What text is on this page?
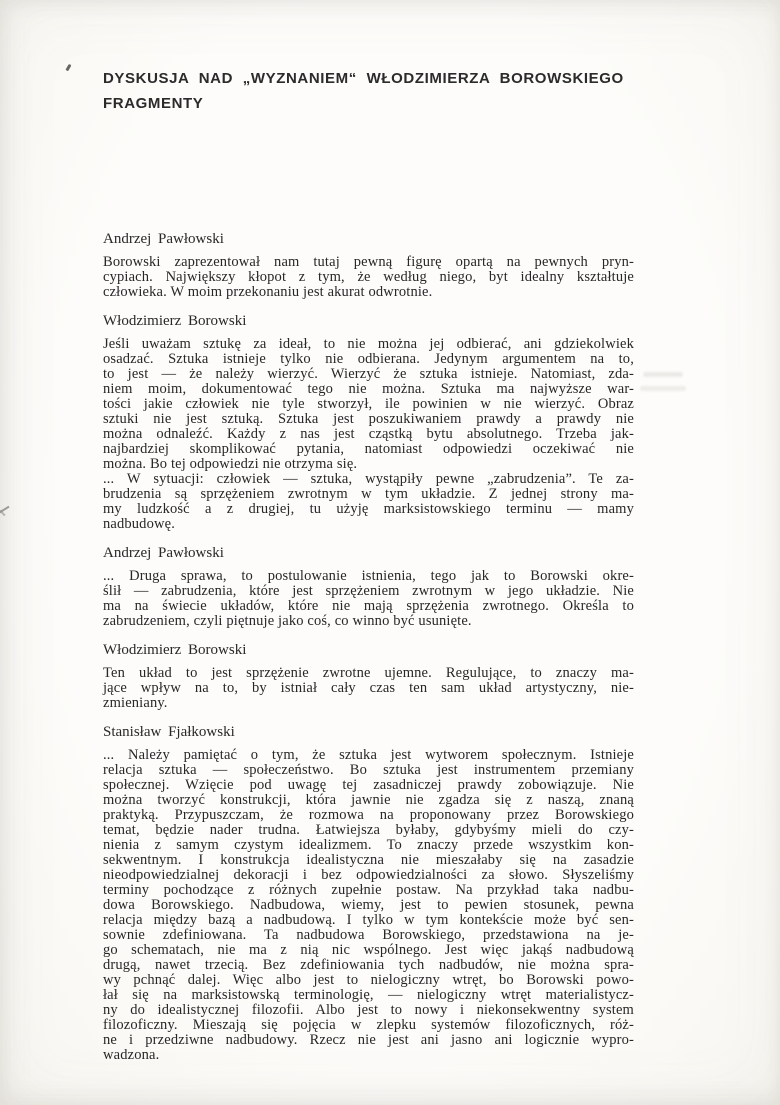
DYSKUSJA NAD „WYZNANIEM“ WŁODZIMIERZA BOROWSKIEGO
FRAGMENTY
Andrzej Pawłowski
Borowski zaprezentował nam tutaj pewną figurę opartą na pewnych pryn-
cypiach. Największy kłopot z tym, że według niego, byt idealny kształtuje
człowieka. W moim przekonaniu jest akurat odwrotnie.
Włodzimierz Borowski
Jeśli uważam sztukę za ideał, to nie można jej odbierać, ani gdziekolwiek
osadzać. Sztuka istnieje tylko nie odbierana. Jedynym argumentem na to,
to jest — że należy wierzyć. Wierzyć że sztuka istnieje. Natomiast, zda-
niem moim, dokumentować tego nie można. Sztuka ma najwyższe war-
tości jakie człowiek nie tyle stworzył, ile powinien w nie wierzyć. Obraz
sztuki nie jest sztuką. Sztuka jest poszukiwaniem prawdy a prawdy nie
można odnaleźć. Każdy z nas jest cząstką bytu absolutnego. Trzeba jak-
najbardziej skomplikować pytania, natomiast odpowiedzi oczekiwać nie
można. Bo tej odpowiedzi nie otrzyma się.
... W sytuacji: człowiek — sztuka, wystąpiły pewne „zabrudzenia”. Te za-
brudzenia są sprzężeniem zwrotnym w tym układzie. Z jednej strony ma-
my ludzkość a z drugiej, tu użyję marksistowskiego terminu — mamy
nadbudowę.
Andrzej Pawłowski
... Druga sprawa, to postulowanie istnienia, tego jak to Borowski okre-
ślił — zabrudzenia, które jest sprzężeniem zwrotnym w jego układzie. Nie
ma na świecie układów, które nie mają sprzężenia zwrotnego. Określa to
zabrudzeniem, czyli piętnuje jako coś, co winno być usunięte.
Włodzimierz Borowski
Ten układ to jest sprzężenie zwrotne ujemne. Regulujące, to znaczy ma-
jące wpływ na to, by istniał cały czas ten sam układ artystyczny, nie-
zmieniany.
Stanisław Fjałkowski
... Należy pamiętać o tym, że sztuka jest wytworem społecznym. Istnieje
relacja sztuka — społeczeństwo. Bo sztuka jest instrumentem przemiany
społecznej. Wzięcie pod uwagę tej zasadniczej prawdy zobowiązuje. Nie
można tworzyć konstrukcji, która jawnie nie zgadza się z naszą, znaną
praktyką. Przypuszczam, że rozmowa na proponowany przez Borowskiego
temat, będzie nader trudna. Łatwiejsza byłaby, gdybyśmy mieli do czy-
nienia z samym czystym idealizmem. To znaczy przede wszystkim kon-
sekwentnym. I konstrukcja idealistyczna nie mieszałaby się na zasadzie
nieodpowiedzialnej dekoracji i bez odpowiedzialności za słowo. Słyszeliśmy
terminy pochodzące z różnych zupełnie postaw. Na przykład taka nadbu-
dowa Borowskiego. Nadbudowa, wiemy, jest to pewien stosunek, pewna
relacja między bazą a nadbudową. I tylko w tym kontekście może być sen-
sownie zdefiniowana. Ta nadbudowa Borowskiego, przedstawiona na je-
go schematach, nie ma z nią nic wspólnego. Jest więc jakąś nadbudową
drugą, nawet trzecią. Bez zdefiniowania tych nadbudów, nie można spra-
wy pchnąć dalej. Więc albo jest to nielogiczny wtręt, bo Borowski powo-
łał się na marksistowską terminologię, — nielogiczny wtręt materialistycz-
ny do idealistycznej filozofii. Albo jest to nowy i niekonsekwentny system
filozoficzny. Mieszają się pojęcia w zlepku systemów filozoficznych, róż-
ne i przedziwne nadbudowy. Rzecz nie jest ani jasno ani logicznie wypro-
wadzona.
